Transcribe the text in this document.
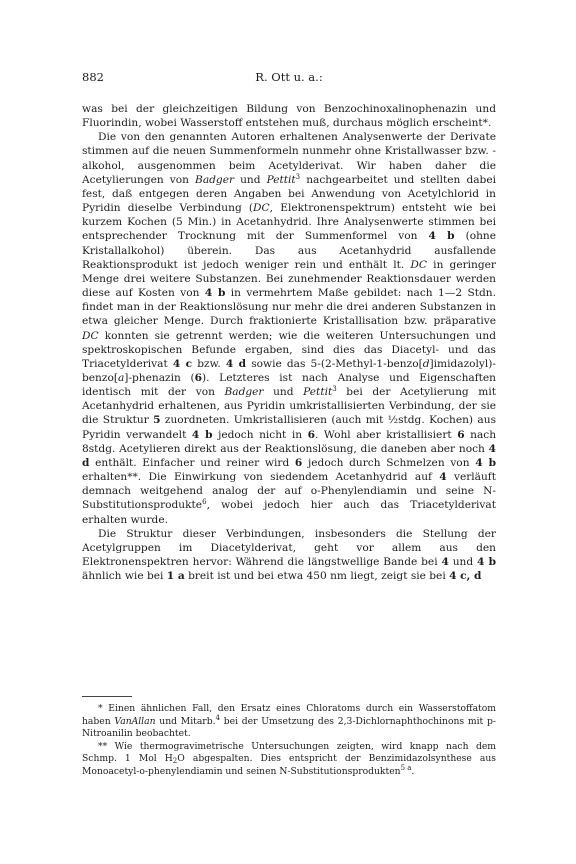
882	R. Ott u. a.:

was bei der gleichzeitigen Bildung von Benzochinoxalinophenazin und Fluorindin, wobei Wasserstoff entstehen muß, durchaus möglich erscheint*.

Die von den genannten Autoren erhaltenen Analysenwerte der Derivate stimmen auf die neuen Summenformeln nunmehr ohne Kristallwasser bzw. -alkohol, ausgenommen beim Acetylderivat. Wir haben daher die Acetylierungen von Badger und Pettit$^3$ nachgearbeitet und stellten dabei fest, daß entgegen deren Angaben bei Anwendung von Acetylchlorid in Pyridin dieselbe Verbindung (DC, Elektronenspektrum) entsteht wie bei kurzem Kochen (5 Min.) in Acetanhydrid. Ihre Analysenwerte stimmen bei entsprechender Trocknung mit der Summenformel von 4 b (ohne Kristallalkohol) überein. Das aus Acetanhydrid ausfallende Reaktionsprodukt ist jedoch weniger rein und enthält lt. DC in geringer Menge drei weitere Substanzen. Bei zunehmender Reaktionsdauer werden diese auf Kosten von 4 b in vermehrtem Maße gebildet: nach 1—2 Stdn. findet man in der Reaktionslösung nur mehr die drei anderen Substanzen in etwa gleicher Menge. Durch fraktionierte Kristallisation bzw. präparative DC konnten sie getrennt werden; wie die weiteren Untersuchungen und spektroskopischen Befunde ergaben, sind dies das Diacetyl- und das Triacetylderivat 4 c bzw. 4 d sowie das 5-(2-Methyl-1-benzo[d]imidazolyl)-benzo[a]-phenazin (6). Letzteres ist nach Analyse und Eigenschaften identisch mit der von Badger und Pettit$^3$ bei der Acetylierung mit Acetanhydrid erhaltenen, aus Pyridin umkristallisierten Verbindung, der sie die Struktur 5 zuordneten. Umkristallisieren (auch mit ½stdg. Kochen) aus Pyridin verwandelt 4 b jedoch nicht in 6. Wohl aber kristallisiert 6 nach 8stdg. Acetylieren direkt aus der Reaktionslösung, die daneben aber noch 4 d enthält. Einfacher und reiner wird 6 jedoch durch Schmelzen von 4 b erhalten**. Die Einwirkung von siedendem Acetanhydrid auf 4 verläuft demnach weitgehend analog der auf o-Phenylendiamin und seine N-Substitutionsprodukte$^6$, wobei jedoch hier auch das Triacetylderivat erhalten wurde.

Die Struktur dieser Verbindungen, insbesonders die Stellung der Acetylgruppen im Diacetylderivat, geht vor allem aus den Elektronenspektren hervor: Während die längstwellige Bande bei 4 und 4 b ähnlich wie bei 1 a breit ist und bei etwa 450 nm liegt, zeigt sie bei 4 c, d

* Einen ähnlichen Fall, den Ersatz eines Chloratoms durch ein Wasserstoffatom haben VanAllan und Mitarb.$^4$ bei der Umsetzung des 2,3-Dichlornaphthochinons mit p-Nitroanilin beobachtet.

** Wie thermogravimetrische Untersuchungen zeigten, wird knapp nach dem Schmp. 1 Mol $H_2O$ abgespalten. Dies entspricht der Benzimidazolsynthese aus Monoacetyl-o-phenylendiamin und seinen N-Substitutionsprodukten$^{5 a}$.
